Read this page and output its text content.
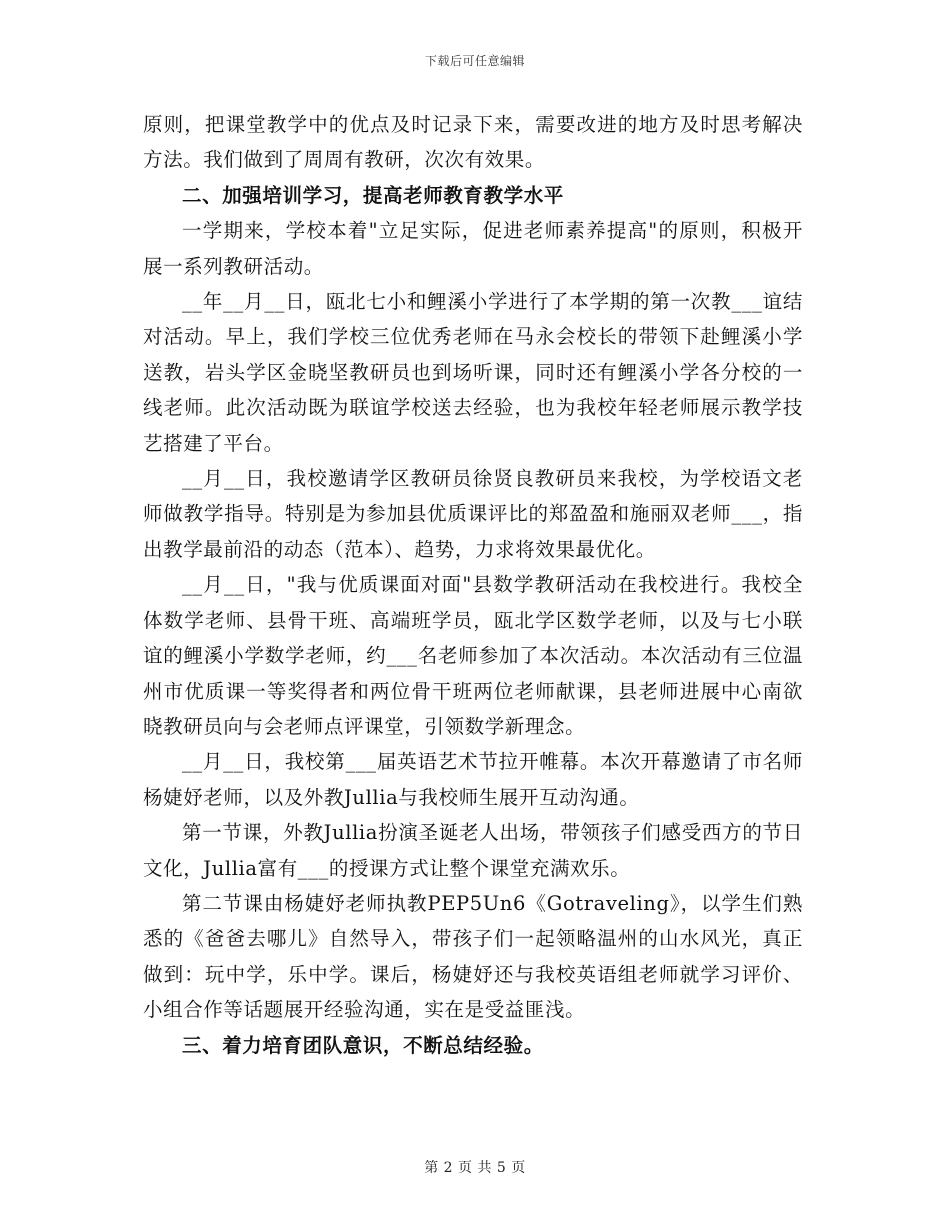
下载后可任意编辑

原则，把课堂教学中的优点及时记录下来，需要改进的地方及时思考解决方法。我们做到了周周有教研，次次有效果。

二、加强培训学习，提高老师教育教学水平

一学期来，学校本着"立足实际，促进老师素养提高"的原则，积极开展一系列教研活动。

__年__月__日，瓯北七小和鲤溪小学进行了本学期的第一次教___谊结对活动。早上，我们学校三位优秀老师在马永会校长的带领下赴鲤溪小学送教，岩头学区金晓坚教研员也到场听课，同时还有鲤溪小学各分校的一线老师。此次活动既为联谊学校送去经验，也为我校年轻老师展示教学技艺搭建了平台。

__月__日，我校邀请学区教研员徐贤良教研员来我校，为学校语文老师做教学指导。特别是为参加县优质课评比的郑盈盈和施丽双老师___，指出教学最前沿的动态（范本）、趋势，力求将效果最优化。

__月__日，"我与优质课面对面"县数学教研活动在我校进行。我校全体数学老师、县骨干班、高端班学员，瓯北学区数学老师，以及与七小联谊的鲤溪小学数学老师，约___名老师参加了本次活动。本次活动有三位温州市优质课一等奖得者和两位骨干班两位老师献课，县老师进展中心南欲晓教研员向与会老师点评课堂，引领数学新理念。

__月__日，我校第___届英语艺术节拉开帷幕。本次开幕邀请了市名师杨婕妤老师，以及外教Jullia与我校师生展开互动沟通。

第一节课，外教Jullia扮演圣诞老人出场，带领孩子们感受西方的节日文化，Jullia富有___的授课方式让整个课堂充满欢乐。

第二节课由杨婕妤老师执教PEP5Un6《Gotraveling》，以学生们熟悉的《爸爸去哪儿》自然导入，带孩子们一起领略温州的山水风光，真正做到：玩中学，乐中学。课后，杨婕妤还与我校英语组老师就学习评价、小组合作等话题展开经验沟通，实在是受益匪浅。

三、着力培育团队意识，不断总结经验。

第 2 页 共 5 页
